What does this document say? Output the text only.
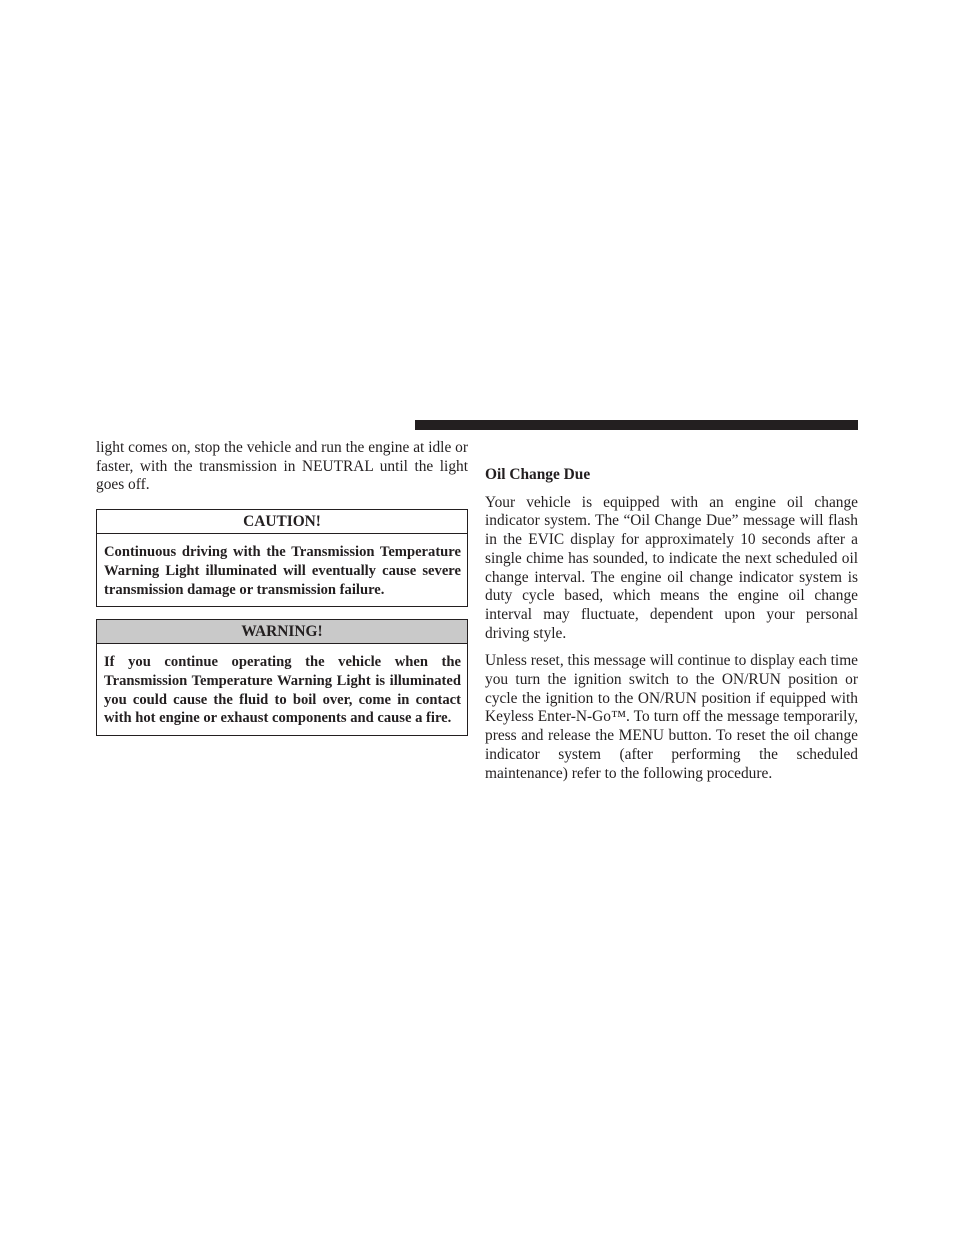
light comes on, stop the vehicle and run the engine at idle or faster, with the transmission in NEUTRAL until the light goes off.

CAUTION!
Continuous driving with the Transmission Temperature Warning Light illuminated will eventually cause severe transmission damage or transmission failure.
WARNING!
If you continue operating the vehicle when the Transmission Temperature Warning Light is illuminated you could cause the fluid to boil over, come in contact with hot engine or exhaust components and cause a fire.
Oil Change Due

Your vehicle is equipped with an engine oil change indicator system. The “Oil Change Due” message will flash in the EVIC display for approximately 10 seconds after a single chime has sounded, to indicate the next scheduled oil change interval. The engine oil change indicator system is duty cycle based, which means the engine oil change interval may fluctuate, dependent upon your personal driving style.

Unless reset, this message will continue to display each time you turn the ignition switch to the ON/RUN position or cycle the ignition to the ON/RUN position if equipped with Keyless Enter-N-Go™. To turn off the message temporarily, press and release the MENU button. To reset the oil change indicator system (after performing the scheduled maintenance) refer to the following procedure.
